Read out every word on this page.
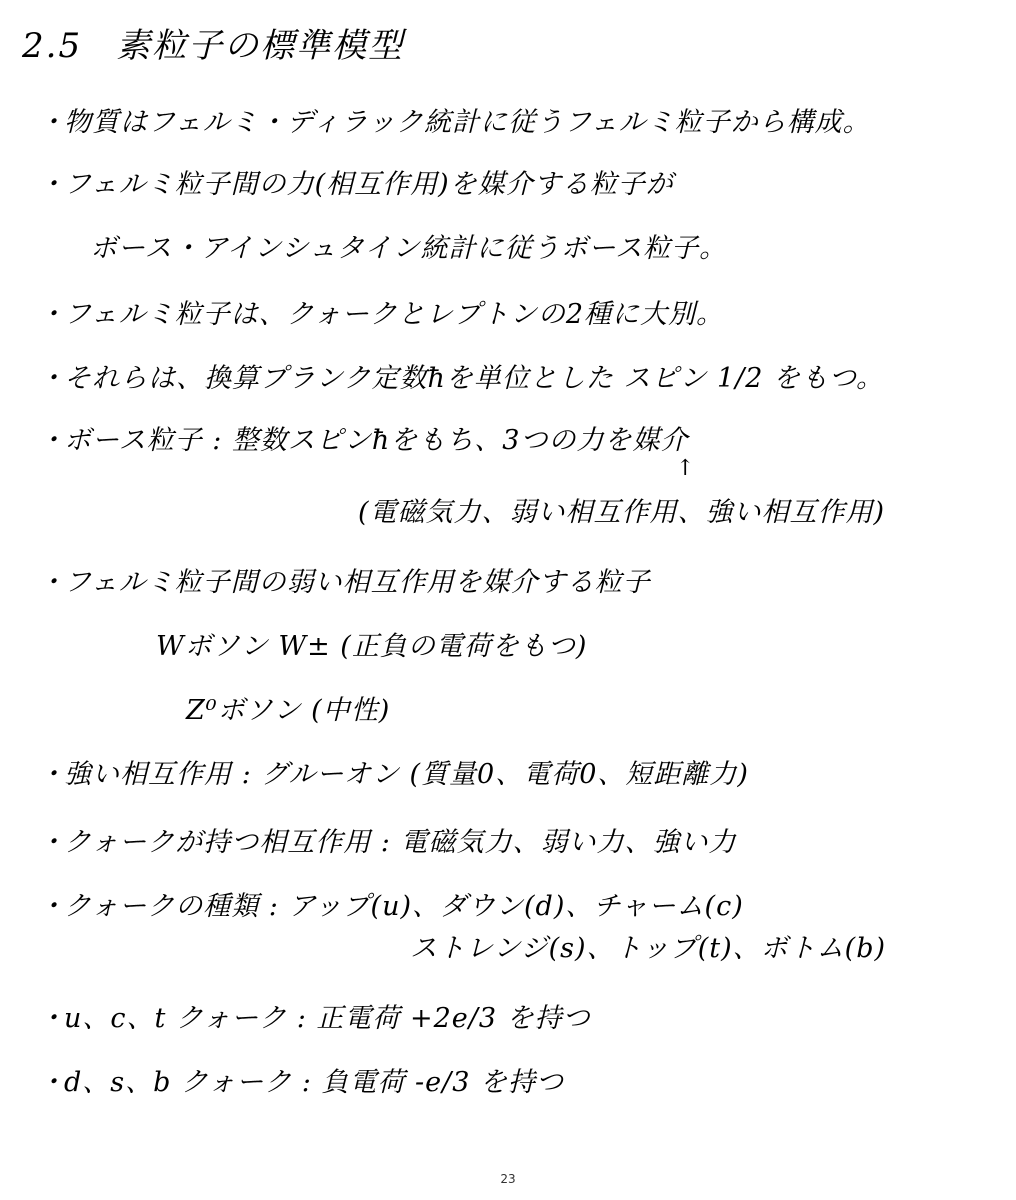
2.5 素粒子の標準模型
・物質はフェルミ・ディラック統計に従うフェルミ粒子から構成。
・フェルミ粒子間の力(相互作用)を媒介する粒子が
ボース・アインシュタイン統計に従うボース粒子。
・フェルミ粒子は、クォークとレプトンの2種に大別。
・それらは、換算プランク定数ħを単位とした スピン 1/2 をもつ。
・ボース粒子 : 整数スピンħをもち、3つの力を媒介
↑
(電磁気力、弱い相互作用、強い相互作用)
・フェルミ粒子間の弱い相互作用を媒介する粒子
Wボソン W± (正負の電荷をもつ)
Z⁰ボソン (中性)
・強い相互作用 : グルーオン (質量0、電荷0、短距離力)
・クォークが持つ相互作用 : 電磁気力、弱い力、強い力
・クォークの種類 : アップ(u)、ダウン(d)、チャーム(c)
ストレンジ(s)、トップ(t)、ボトム(b)
・u、c、t クォーク : 正電荷 +2e/3 を持つ
・d、s、b クォーク : 負電荷 -e/3 を持つ
23
